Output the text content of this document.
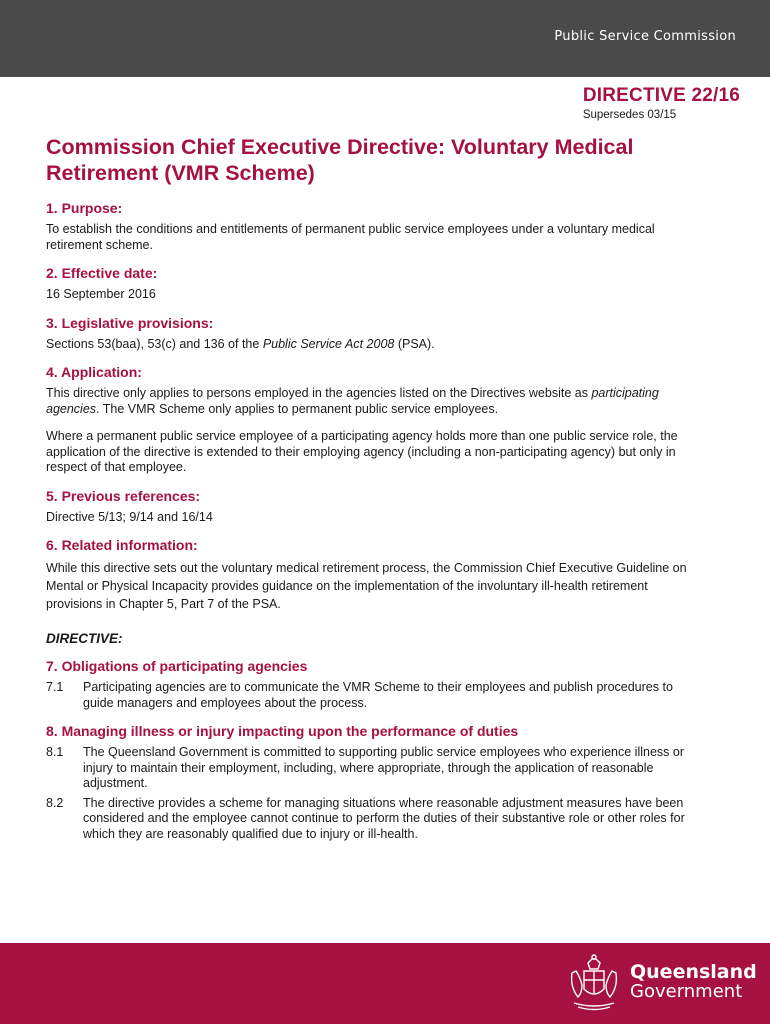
Public Service Commission
DIRECTIVE 22/16
Supersedes 03/15
Commission Chief Executive Directive: Voluntary Medical Retirement (VMR Scheme)
1. Purpose:

To establish the conditions and entitlements of permanent public service employees under a voluntary medical retirement scheme.

2. Effective date:

16 September 2016

3. Legislative provisions:

Sections 53(baa), 53(c) and 136 of the Public Service Act 2008 (PSA).

4. Application:

This directive only applies to persons employed in the agencies listed on the Directives website as participating agencies. The VMR Scheme only applies to permanent public service employees.

Where a permanent public service employee of a participating agency holds more than one public service role, the application of the directive is extended to their employing agency (including a non-participating agency) but only in respect of that employee.

5. Previous references:

Directive 5/13; 9/14 and 16/14

6. Related information:

While this directive sets out the voluntary medical retirement process, the Commission Chief Executive Guideline on Mental or Physical Incapacity provides guidance on the implementation of the involuntary ill-health retirement provisions in Chapter 5, Part 7 of the PSA.

DIRECTIVE:
7. Obligations of participating agencies
7.1	Participating agencies are to communicate the VMR Scheme to their employees and publish procedures to guide managers and employees about the process.
8. Managing illness or injury impacting upon the performance of duties
8.1	The Queensland Government is committed to supporting public service employees who experience illness or injury to maintain their employment, including, where appropriate, through the application of reasonable adjustment.
8.2	The directive provides a scheme for managing situations where reasonable adjustment measures have been considered and the employee cannot continue to perform the duties of their substantive role or other roles for which they are reasonably qualified due to injury or ill-health.
Queensland
Government
